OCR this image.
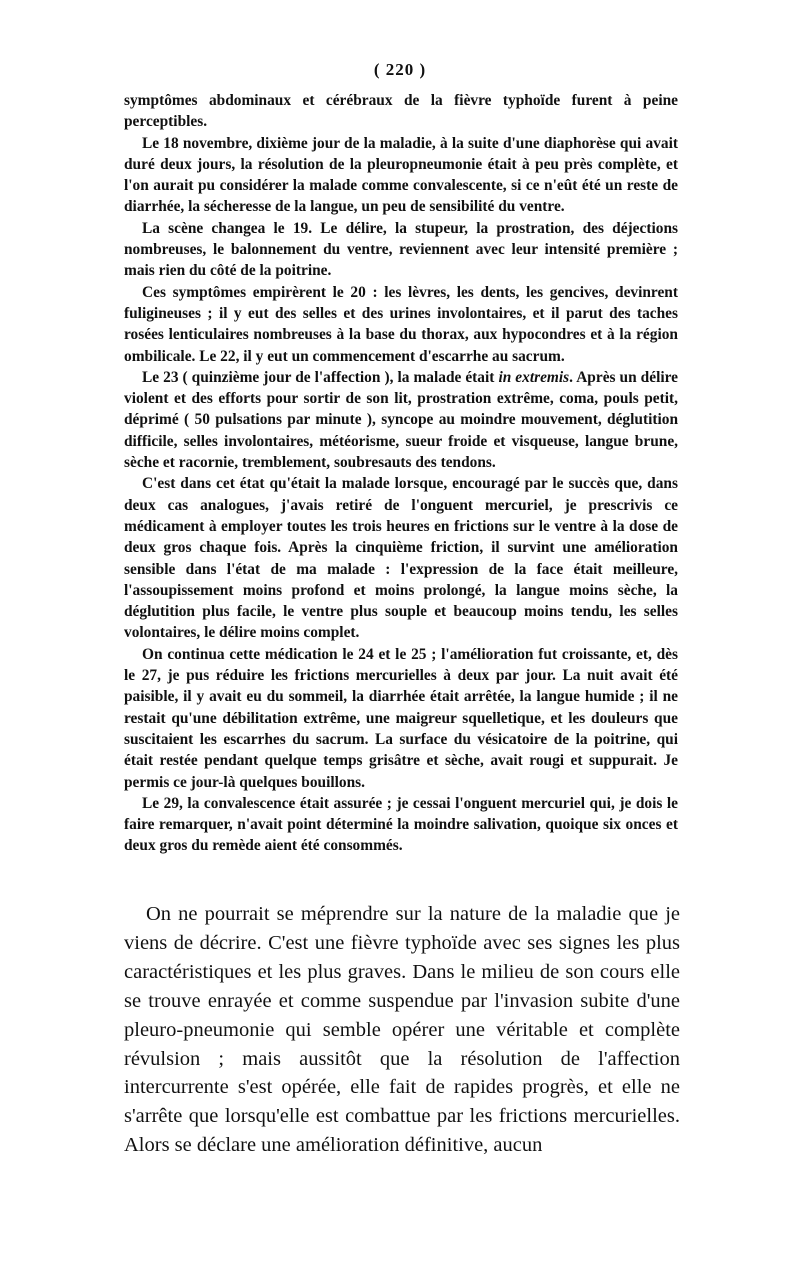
( 220 )

symptômes abdominaux et cérébraux de la fièvre typhoïde furent à peine perceptibles.

Le 18 novembre, dixième jour de la maladie, à la suite d'une diaphorèse qui avait duré deux jours, la résolution de la pleuropneumonie était à peu près complète, et l'on aurait pu considérer la malade comme convalescente, si ce n'eût été un reste de diarrhée, la sécheresse de la langue, un peu de sensibilité du ventre.

La scène changea le 19. Le délire, la stupeur, la prostration, des déjections nombreuses, le balonnement du ventre, reviennent avec leur intensité première ; mais rien du côté de la poitrine.

Ces symptômes empirèrent le 20 : les lèvres, les dents, les gencives, devinrent fuligineuses ; il y eut des selles et des urines involontaires, et il parut des taches rosées lenticulaires nombreuses à la base du thorax, aux hypocondres et à la région ombilicale. Le 22, il y eut un commencement d'escarrhe au sacrum.

Le 23 ( quinzième jour de l'affection ), la malade était in extremis. Après un délire violent et des efforts pour sortir de son lit, prostration extrême, coma, pouls petit, déprimé ( 50 pulsations par minute ), syncope au moindre mouvement, déglutition difficile, selles involontaires, météorisme, sueur froide et visqueuse, langue brune, sèche et racornie, tremblement, soubresauts des tendons.

C'est dans cet état qu'était la malade lorsque, encouragé par le succès que, dans deux cas analogues, j'avais retiré de l'onguent mercuriel, je prescrivis ce médicament à employer toutes les trois heures en frictions sur le ventre à la dose de deux gros chaque fois. Après la cinquième friction, il survint une amélioration sensible dans l'état de ma malade : l'expression de la face était meilleure, l'assoupissement moins profond et moins prolongé, la langue moins sèche, la déglutition plus facile, le ventre plus souple et beaucoup moins tendu, les selles volontaires, le délire moins complet.

On continua cette médication le 24 et le 25 ; l'amélioration fut croissante, et, dès le 27, je pus réduire les frictions mercurielles à deux par jour. La nuit avait été paisible, il y avait eu du sommeil, la diarrhée était arrêtée, la langue humide ; il ne restait qu'une débilitation extrême, une maigreur squelletique, et les douleurs que suscitaient les escarrhes du sacrum. La surface du vésicatoire de la poitrine, qui était restée pendant quelque temps grisâtre et sèche, avait rougi et suppurait. Je permis ce jour-là quelques bouillons.

Le 29, la convalescence était assurée ; je cessai l'onguent mercuriel qui, je dois le faire remarquer, n'avait point déterminé la moindre salivation, quoique six onces et deux gros du remède aient été consommés.

On ne pourrait se méprendre sur la nature de la maladie que je viens de décrire. C'est une fièvre typhoïde avec ses signes les plus caractéristiques et les plus graves. Dans le milieu de son cours elle se trouve enrayée et comme suspendue par l'invasion subite d'une pleuro-pneumonie qui semble opérer une véritable et complète révulsion ; mais aussitôt que la résolution de l'affection intercurrente s'est opérée, elle fait de rapides progrès, et elle ne s'arrête que lorsqu'elle est combattue par les frictions mercurielles. Alors se déclare une amélioration définitive, aucun
